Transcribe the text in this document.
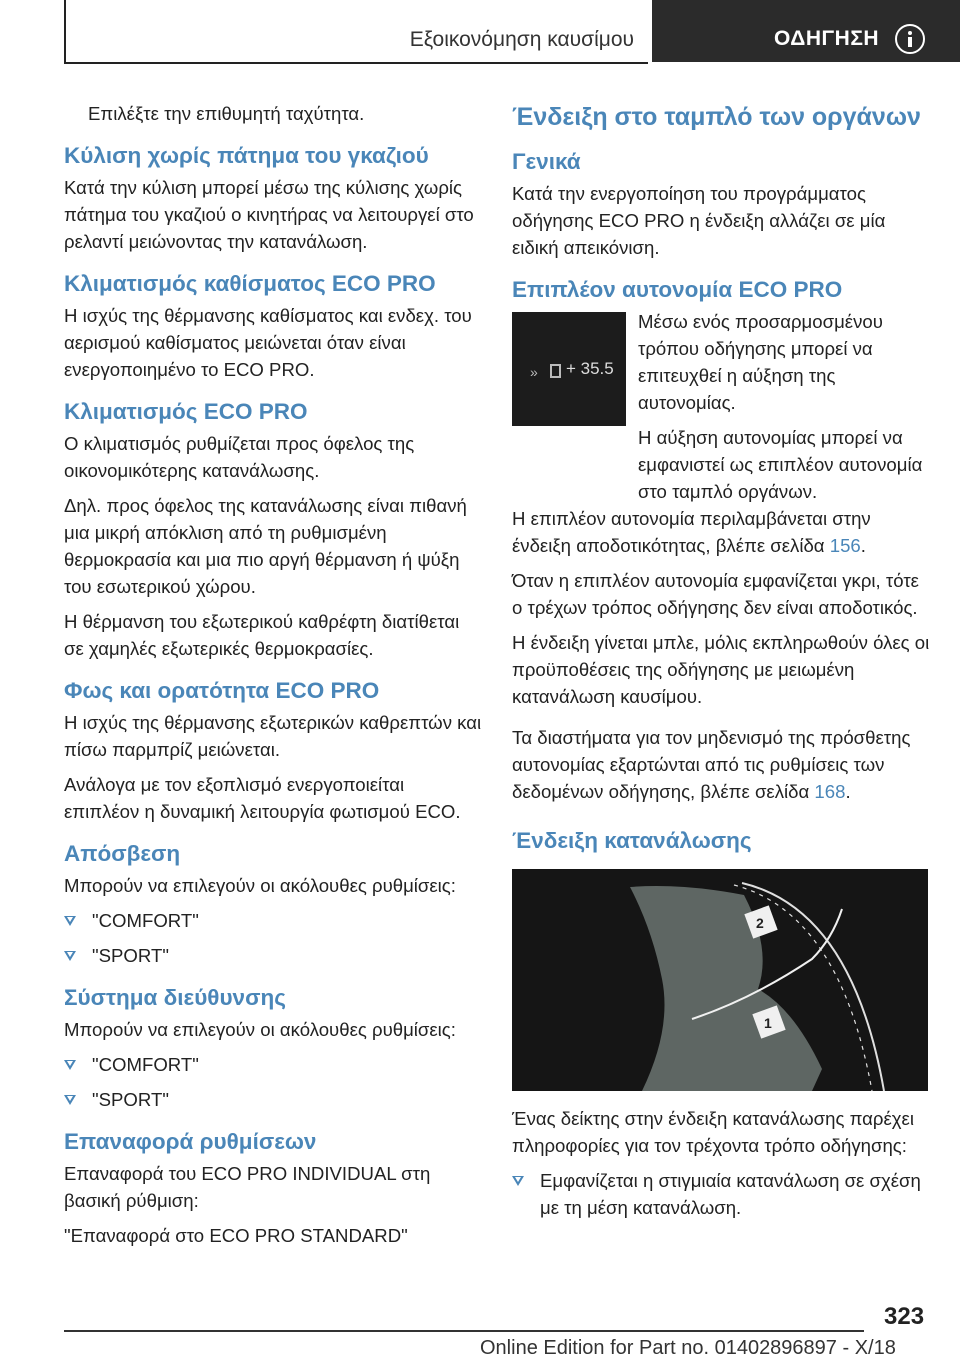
Εξοικονόμηση καυσίμου	ΟΔΗΓΗΣΗ

Επιλέξτε την επιθυμητή ταχύτητα.

Κύλιση χωρίς πάτημα του γκαζιού

Κατά την κύλιση μπορεί μέσω της κύλισης χωρίς πάτημα του γκαζιού ο κινητήρας να λειτουργεί στο ρελαντί μειώνοντας την κατανάλωση.

Κλιματισμός καθίσματος ECO PRO

Η ισχύς της θέρμανσης καθίσματος και ενδεχ. του αερισμού καθίσματος μειώνεται όταν είναι ενεργοποιημένο το ECO PRO.

Κλιματισμός ECO PRO

Ο κλιματισμός ρυθμίζεται προς όφελος της οικονομικότερης κατανάλωσης.

Δηλ. προς όφελος της κατανάλωσης είναι πιθανή μια μικρή απόκλιση από τη ρυθμισμένη θερμοκρασία και μια πιο αργή θέρμανση ή ψύξη του εσωτερικού χώρου.

Η θέρμανση του εξωτερικού καθρέφτη διατίθεται σε χαμηλές εξωτερικές θερμοκρασίες.

Φως και ορατότητα ECO PRO

Η ισχύς της θέρμανσης εξωτερικών καθρεπτών και πίσω παρμπρίζ μειώνεται.

Ανάλογα με τον εξοπλισμό ενεργοποιείται επιπλέον η δυναμική λειτουργία φωτισμού ECO.

Απόσβεση

Μπορούν να επιλεγούν οι ακόλουθες ρυθμίσεις:

"COMFORT"
"SPORT"
Σύστημα διεύθυνσης

Μπορούν να επιλεγούν οι ακόλουθες ρυθμίσεις:

"COMFORT"
"SPORT"
Επαναφορά ρυθμίσεων

Επαναφορά του ECO PRO INDIVIDUAL στη βασική ρύθμιση:

"Επαναφορά στο ECO PRO STANDARD"

Ένδειξη στο ταμπλό των οργάνων
Γενικά

Κατά την ενεργοποίηση του προγράμματος οδήγησης ECO PRO η ένδειξη αλλάζει σε μία ειδική απεικόνιση.

Επιπλέον αυτονομία ECO PRO
» + 35.5

Μέσω ενός προσαρμοσμένου τρόπου οδήγησης μπορεί να επιτευχθεί η αύξηση της αυτονομίας.

Η αύξηση αυτονομίας μπορεί να εμφανιστεί ως επιπλέον αυτονομία στο ταμπλό οργάνων.

Η επιπλέον αυτονομία περιλαμβάνεται στην ένδειξη αποδοτικότητας, βλέπε σελίδα 156.

Όταν η επιπλέον αυτονομία εμφανίζεται γκρι, τότε ο τρέχων τρόπος οδήγησης δεν είναι αποδοτικός.

Η ένδειξη γίνεται μπλε, μόλις εκπληρωθούν όλες οι προϋποθέσεις της οδήγησης με μειωμένη κατανάλωση καυσίμου.

Τα διαστήματα για τον μηδενισμό της πρόσθετης αυτονομίας εξαρτώνται από τις ρυθμίσεις των δεδομένων οδήγησης, βλέπε σελίδα 168.

Ένδειξη κατανάλωσης
2
1

Ένας δείκτης στην ένδειξη κατανάλωσης παρέχει πληροφορίες για τον τρέχοντα τρόπο οδήγησης:

Εμφανίζεται η στιγμιαία κατανάλωση σε σχέση με τη μέση κατανάλωση.
323
Online Edition for Part no. 01402896897 - X/18
